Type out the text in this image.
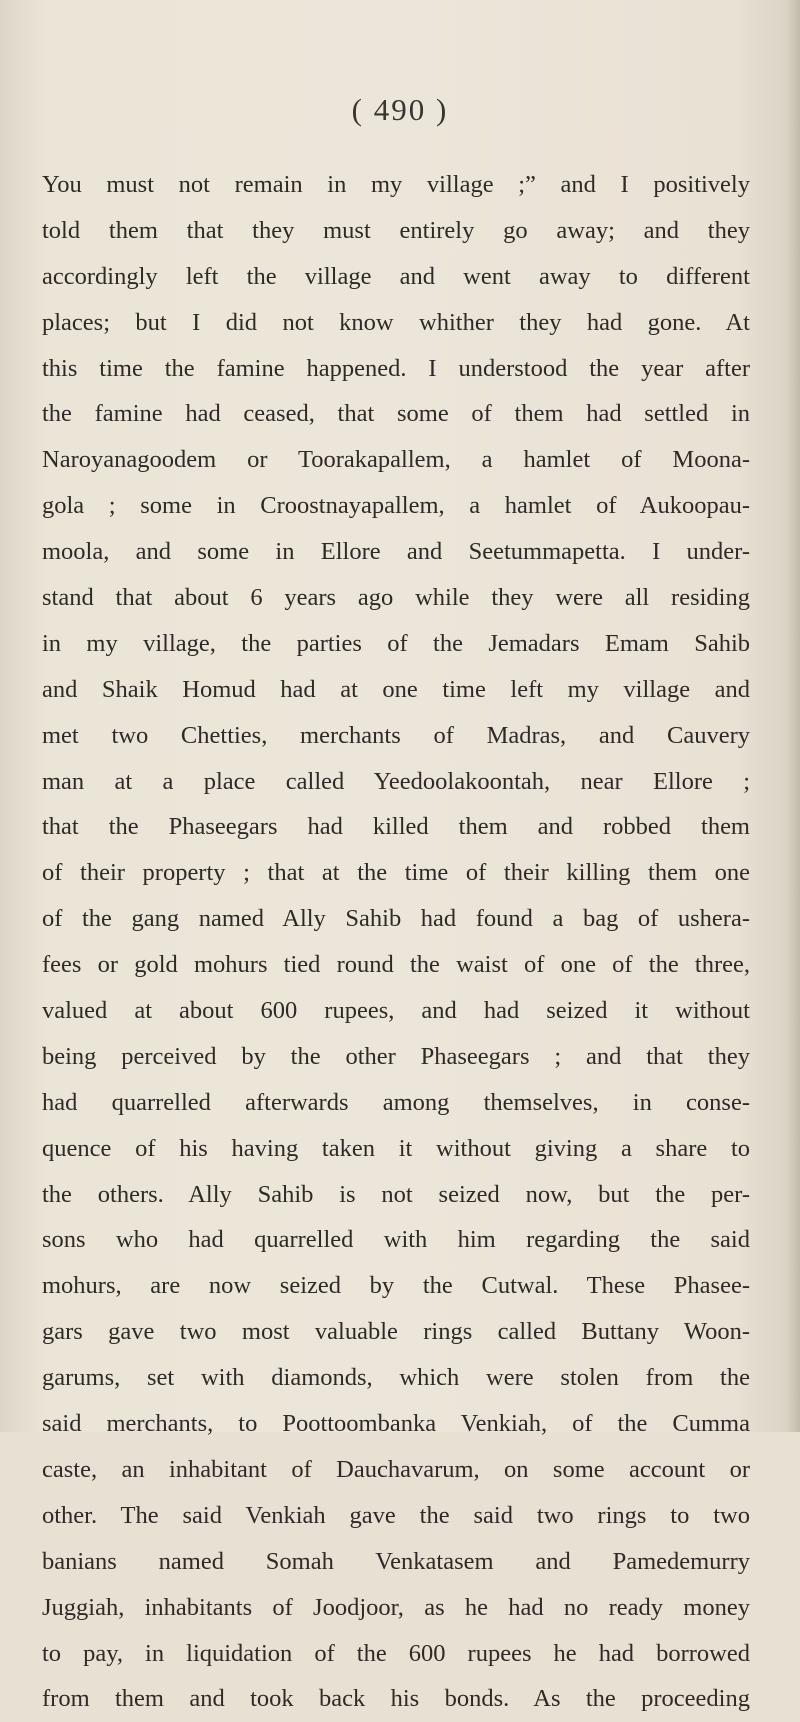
( 490 )
You must not remain in my village ;” and I positively
told them that they must entirely go away; and they
accordingly left the village and went away to different
places; but I did not know whither they had gone. At
this time the famine happened. I understood the year after
the famine had ceased, that some of them had settled in
Naroyanagoodem or Toorakapallem, a hamlet of Moona-
gola ; some in Croostnayapallem, a hamlet of Aukoopau-
moola, and some in Ellore and Seetummapetta. I under-
stand that about 6 years ago while they were all residing
in my village, the parties of the Jemadars Emam Sahib
and Shaik Homud had at one time left my village and
met two Chetties, merchants of Madras, and Cauvery
man at a place called Yeedoolakoontah, near Ellore ;
that the Phaseegars had killed them and robbed them
of their property ; that at the time of their killing them one
of the gang named Ally Sahib had found a bag of ushera-
fees or gold mohurs tied round the waist of one of the three,
valued at about 600 rupees, and had seized it without
being perceived by the other Phaseegars ; and that they
had quarrelled afterwards among themselves, in conse-
quence of his having taken it without giving a share to
the others. Ally Sahib is not seized now, but the per-
sons who had quarrelled with him regarding the said
mohurs, are now seized by the Cutwal. These Phasee-
gars gave two most valuable rings called Buttany Woon-
garums, set with diamonds, which were stolen from the
said merchants, to Poottoombanka Venkiah, of the Cumma
caste, an inhabitant of Dauchavarum, on some account or
other. The said Venkiah gave the said two rings to two
banians named Somah Venkatasem and Pamedemurry
Juggiah, inhabitants of Joodjoor, as he had no ready money
to pay, in liquidation of the 600 rupees he had borrowed
from them and took back his bonds. As the proceeding
